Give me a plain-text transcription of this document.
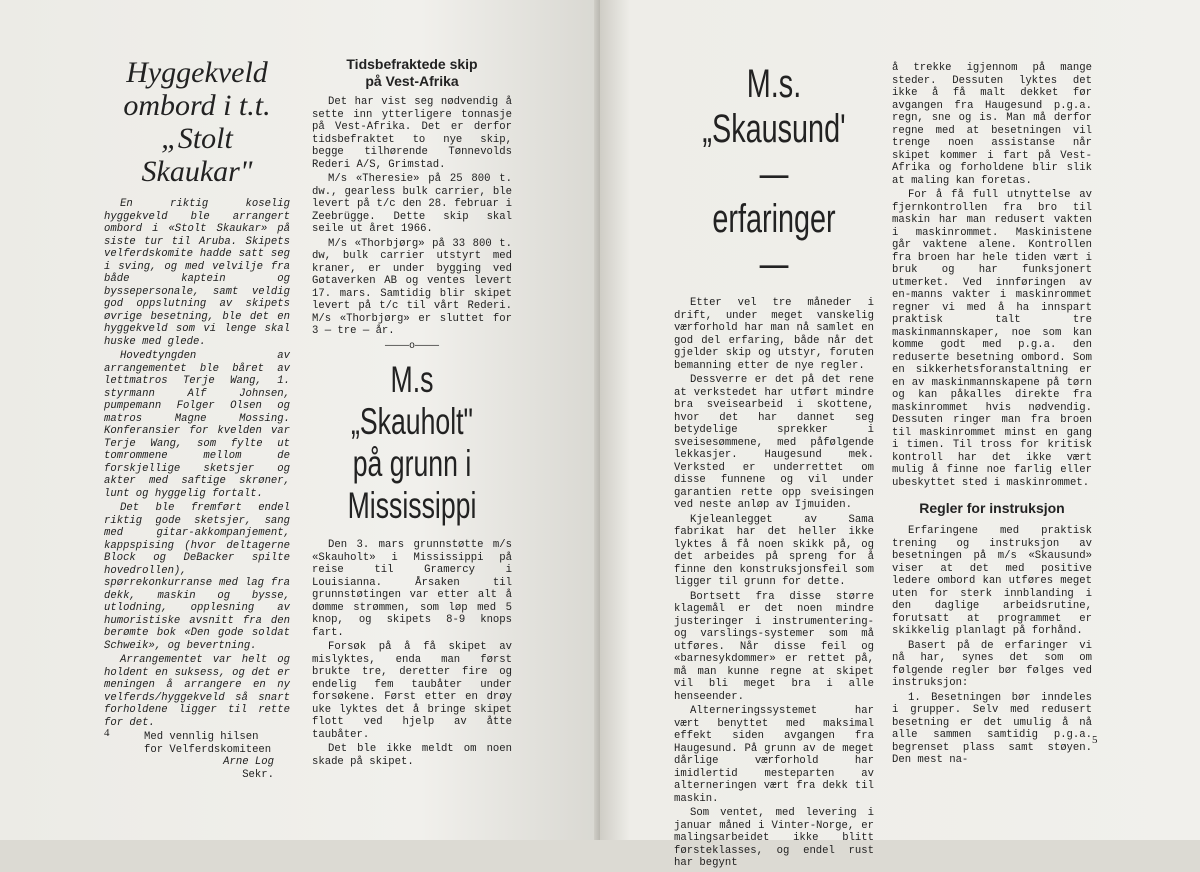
Hyggekveld
ombord i t.t.
„Stolt Skaukar"

En riktig koselig hyggekveld ble arrangert ombord i «Stolt Skaukar» på siste tur til Aruba. Skipets velferdskomite hadde satt seg i sving, og med velvilje fra både kaptein og byssepersonale, samt veldig god oppslutning av skipets øvrige besetning, ble det en hyggekveld som vi lenge skal huske med glede.

Hovedtyngden av arrangementet ble båret av lettmatros Terje Wang, 1. styrmann Alf Johnsen, pumpemann Folger Olsen og matros Magne Mossing. Konferansier for kvelden var Terje Wang, som fylte ut tomrommene mellom de forskjellige sketsjer og akter med saftige skrøner, lunt og hyggelig fortalt.

Det ble fremført endel riktig gode sketsjer, sang med gitar-akkompanjement, kappspising (hvor deltagerne Block og DeBacker spilte hovedrollen), spørrekonkurranse med lag fra dekk, maskin og bysse, utlodning, opplesning av humoristiske avsnitt fra den berømte bok «Den gode soldat Schweik», og bevertning.

Arrangementet var helt og holdent en suksess, og det er meningen å arrangere en ny velferds/hyggekveld så snart forholdene ligger til rette for det.

Med vennlig hilsen
for Velferdskomiteen
Arne Log
Sekr.
Tidsbefraktede skip
på Vest-Afrika

Det har vist seg nødvendig å sette inn ytterligere tonnasje på Vest-Afrika. Det er derfor tidsbefraktet to nye skip, begge tilhørende Tønnevolds Rederi A/S, Grimstad.

M/s «Theresie» på 25 800 t. dw., gearless bulk carrier, ble levert på t/c den 28. februar i Zeebrügge. Dette skip skal seile ut året 1966.

M/s «Thorbjørg» på 33 800 t. dw, bulk carrier utstyrt med kraner, er under bygging ved Gøtaverken AB og ventes levert 17. mars. Samtidig blir skipet levert på t/c til vårt Rederi. M/s «Thorbjørg» er sluttet for 3 — tre — år.

————o————
M.s „Skauholt"
på grunn i
Mississippi

Den 3. mars grunnstøtte m/s «Skauholt» i Mississippi på reise til Gramercy i Louisianna. Årsaken til grunnstøtingen var etter alt å dømme strømmen, som løp med 5 knop, og skipets 8-9 knops fart.

Forsøk på å få skipet av mislyktes, enda man først brukte tre, deretter fire og endelig fem taubåter under forsøkene. Først etter en drøy uke lyktes det å bringe skipet flott ved hjelp av åtte taubåter.

Det ble ikke meldt om noen skade på skipet.

4
M.s. „Skausund'
— erfaringer —

Etter vel tre måneder i drift, under meget vanskelig værforhold har man nå samlet en god del erfaring, både når det gjelder skip og utstyr, foruten bemanning etter de nye regler.

Dessverre er det på det rene at verkstedet har utført mindre bra sveisearbeid i skottene, hvor det har dannet seg betydelige sprekker i sveisesømmene, med påfølgende lekkasjer. Haugesund mek. Verksted er underrettet om disse funnene og vil under garantien rette opp sveisingen ved neste anløp av Ijmuiden.

Kjeleanlegget av Sama fabrikat har det heller ikke lyktes å få noen skikk på, og det arbeides på spreng for å finne den konstruksjonsfeil som ligger til grunn for dette.

Bortsett fra disse større klagemål er det noen mindre justeringer i instrumentering- og varslings-systemer som må utføres. Når disse feil og «barnesykdommer» er rettet på, må man kunne regne at skipet vil bli meget bra i alle henseender.

Alterneringssystemet har vært benyttet med maksimal effekt siden avgangen fra Haugesund. På grunn av de meget dårlige værforhold har imidlertid mesteparten av alterneringen vært fra dekk til maskin.

Som ventet, med levering i januar måned i Vinter-Norge, er malingsarbeidet ikke blitt førsteklasses, og endel rust har begynt

å trekke igjennom på mange steder. Dessuten lyktes det ikke å få malt dekket før avgangen fra Haugesund p.g.a. regn, sne og is. Man må derfor regne med at besetningen vil trenge noen assistanse når skipet kommer i fart på Vest-Afrika og forholdene blir slik at maling kan foretas.

For å få full utnyttelse av fjernkontrollen fra bro til maskin har man redusert vakten i maskinrommet. Maskinistene går vaktene alene. Kontrollen fra broen har hele tiden vært i bruk og har funksjonert utmerket. Ved innføringen av en-manns vakter i maskinrommet regner vi med å ha innspart praktisk talt tre maskinmannskaper, noe som kan komme godt med p.g.a. den reduserte besetning ombord. Som en sikkerhetsforanstaltning er en av maskinmannskapene på tørn og kan påkalles direkte fra maskinrommet hvis nødvendig. Dessuten ringer man fra broen til maskinrommet minst en gang i timen. Til tross for kritisk kontroll har det ikke vært mulig å finne noe farlig eller ubeskyttet sted i maskinrommet.

Regler for instruksjon

Erfaringene med praktisk trening og instruksjon av besetningen på m/s «Skausund» viser at det med positive ledere ombord kan utføres meget uten for sterk innblanding i den daglige arbeidsrutine, forutsatt at programmet er skikkelig planlagt på forhånd.

Basert på de erfaringer vi nå har, synes det som om følgende regler bør følges ved instruksjon:

1. Besetningen bør inndeles i grupper. Selv med redusert besetning er det umulig å nå alle sammen samtidig p.g.a. begrenset plass samt støyen. Den mest na-

5
